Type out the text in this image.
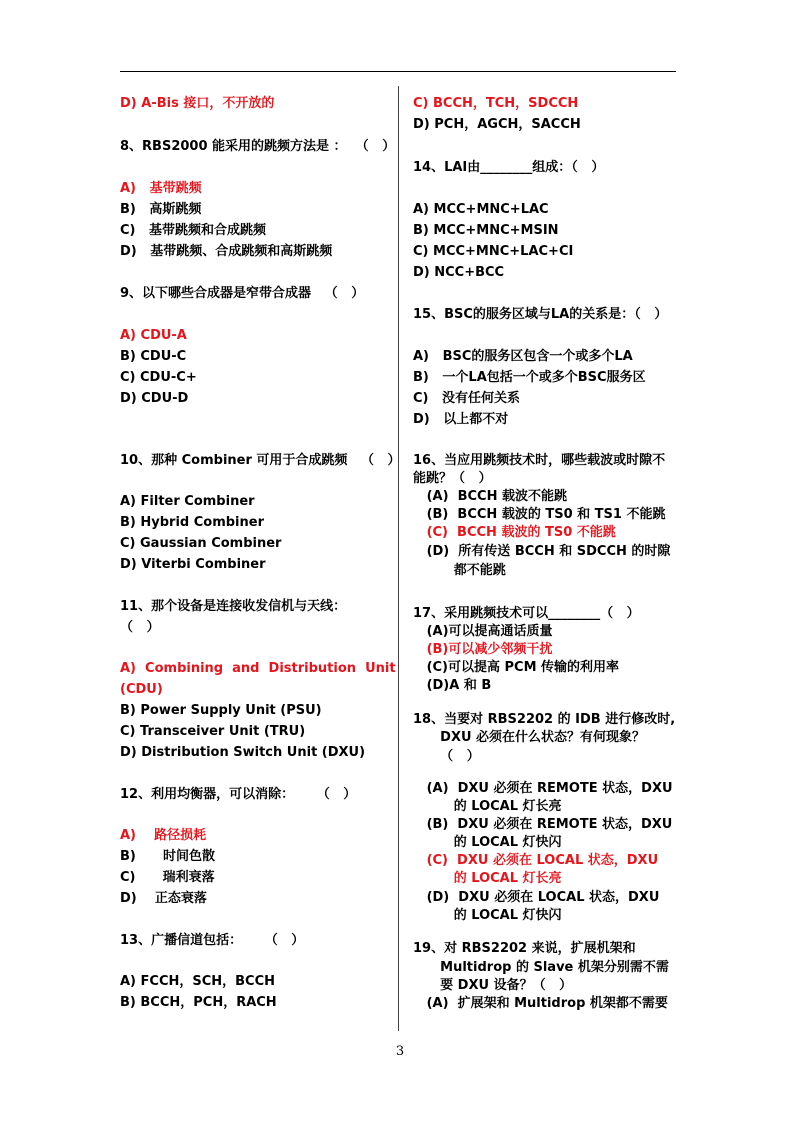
D) A-Bis 接口，不开放的
8、RBS2000 能采用的跳频方法是 ：  （   ）
A)   基带跳频
B)   高斯跳频
C)   基带跳频和合成跳频
D)   基带跳频、合成跳频和高斯跳频
9、以下哪些合成器是窄带合成器   （   ）
A) CDU-A
B) CDU-C
C) CDU-C+
D) CDU-D
10、那种 Combiner 可用于合成跳频   （   ）
A) Filter Combiner
B) Hybrid Combiner
C) Gaussian Combiner
D) Viterbi Combiner
11、那个设备是连接收发信机与天线：
（   ）
A)  Combining  and  Distribution  Unit
(CDU)
B) Power Supply Unit (PSU)
C) Transceiver Unit (TRU)
D) Distribution Switch Unit (DXU)
12、利用均衡器，可以消除：     （   ）
A)    路径损耗
B)      时间色散
C)      瑞利衰落
D)    正态衰落
13、广播信道包括：     （   ）
A) FCCH，SCH，BCCH
B) BCCH，PCH，RACH
C) BCCH，TCH，SDCCH
D) PCH，AGCH，SACCH
14、LAI由________组成：（   ）
A) MCC+MNC+LAC
B) MCC+MNC+MSIN
C) MCC+MNC+LAC+CI
D) NCC+BCC
15、BSC的服务区域与LA的关系是：（   ）
A)   BSC的服务区包含一个或多个LA
B)   一个LA包括一个或多个BSC服务区
C)   没有任何关系
D)   以上都不对
16、当应用跳频技术时，哪些载波或时隙不
能跳？（   ）
(A)  BCCH 载波不能跳
(B)  BCCH 载波的 TS0 和 TS1 不能跳
(C)  BCCH 载波的 TS0 不能跳
(D)  所有传送 BCCH 和 SDCCH 的时隙
都不能跳
17、采用跳频技术可以________（   ）
(A)可以提高通话质量
(B)可以减少邻频干扰
(C)可以提高 PCM 传输的利用率
(D)A 和 B
18、当要对 RBS2202 的 IDB 进行修改时,
DXU 必须在什么状态？有何现象？
（   ）
(A)  DXU 必须在 REMOTE 状态，DXU
的 LOCAL 灯长亮
(B)  DXU 必须在 REMOTE 状态，DXU
的 LOCAL 灯快闪
(C)  DXU 必须在 LOCAL 状态，DXU
的 LOCAL 灯长亮
(D)  DXU 必须在 LOCAL 状态，DXU
的 LOCAL 灯快闪
19、对 RBS2202 来说，扩展机架和
Multidrop 的 Slave 机架分别需不需
要 DXU 设备？（   ）
(A)  扩展架和 Multidrop 机架都不需要
3
